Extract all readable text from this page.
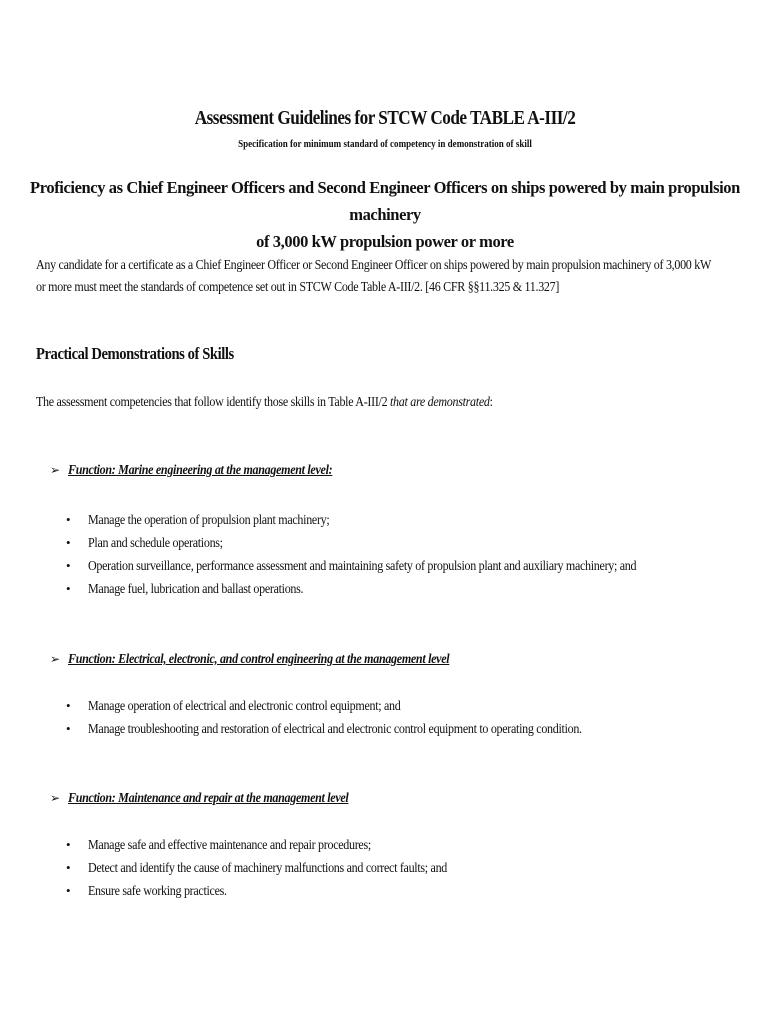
Assessment Guidelines for STCW Code TABLE A-III/2
Specification for minimum standard of competency in demonstration of skill
Proficiency as Chief Engineer Officers and Second Engineer Officers on ships powered by main propulsion machinery
of 3,000 kW propulsion power or more
Any candidate for a certificate as a Chief Engineer Officer or Second Engineer Officer on ships powered by main propulsion machinery of 3,000 kW
or more must meet the standards of competence set out in STCW Code Table A-III/2. [46 CFR §§11.325 & 11.327]
Practical Demonstrations of Skills
The assessment competencies that follow identify those skills in Table A-III/2 that are demonstrated:
➢ Function: Marine engineering at the management level:
• Manage the operation of propulsion plant machinery;
• Plan and schedule operations;
• Operation surveillance, performance assessment and maintaining safety of propulsion plant and auxiliary machinery; and
• Manage fuel, lubrication and ballast operations.
➢ Function: Electrical, electronic, and control engineering at the management level
• Manage operation of electrical and electronic control equipment; and
• Manage troubleshooting and restoration of electrical and electronic control equipment to operating condition.
➢ Function: Maintenance and repair at the management level
• Manage safe and effective maintenance and repair procedures;
• Detect and identify the cause of machinery malfunctions and correct faults; and
• Ensure safe working practices.
